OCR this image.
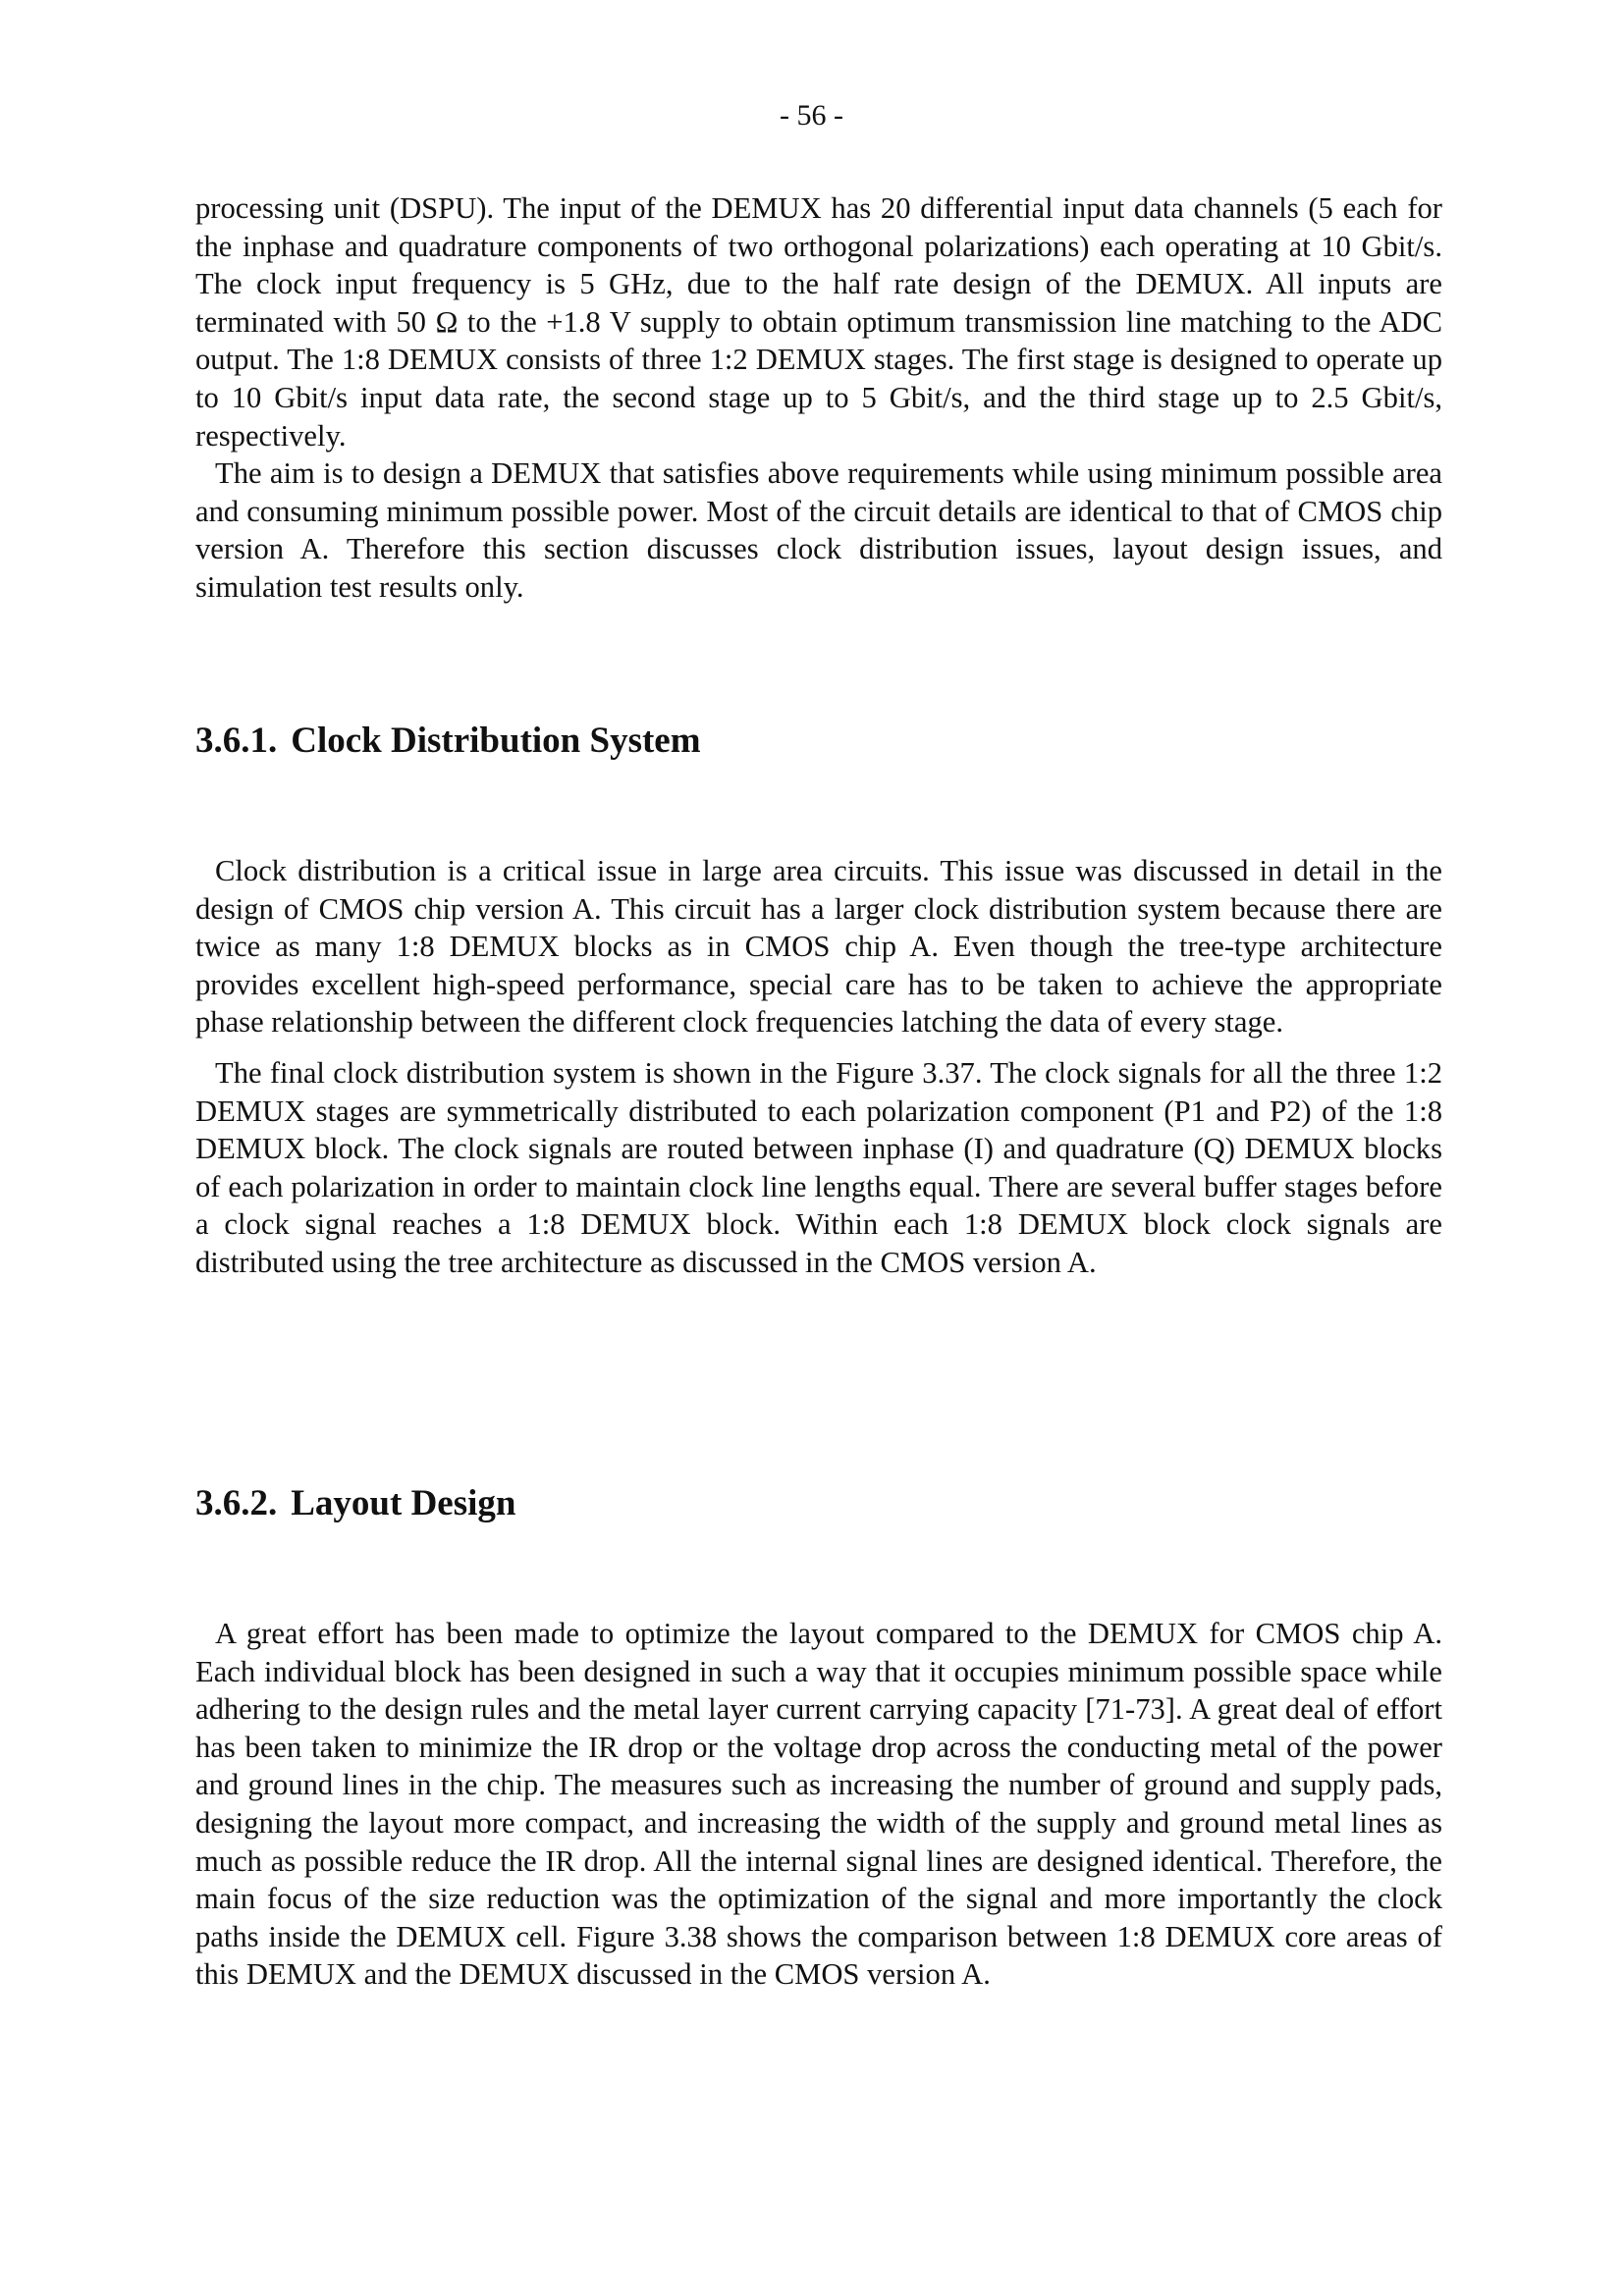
- 56 -

processing unit (DSPU). The input of the DEMUX has 20 differential input data channels (5 each for the inphase and quadrature components of two orthogonal polarizations) each operating at 10 Gbit/s. The clock input frequency is 5 GHz, due to the half rate design of the DEMUX. All inputs are terminated with 50 Ω to the +1.8 V supply to obtain optimum transmission line matching to the ADC output. The 1:8 DEMUX consists of three 1:2 DEMUX stages. The first stage is designed to operate up to 10 Gbit/s input data rate, the second stage up to 5 Gbit/s, and the third stage up to 2.5 Gbit/s, respectively.

The aim is to design a DEMUX that satisfies above requirements while using minimum possible area and consuming minimum possible power. Most of the circuit details are identical to that of CMOS chip version A. Therefore this section discusses clock distribution issues, layout design issues, and simulation test results only.

3.6.1. Clock Distribution System

Clock distribution is a critical issue in large area circuits. This issue was discussed in detail in the design of CMOS chip version A. This circuit has a larger clock distribution system because there are twice as many 1:8 DEMUX blocks as in CMOS chip A. Even though the tree-type architecture provides excellent high-speed performance, special care has to be taken to achieve the appropriate phase relationship between the different clock frequencies latching the data of every stage.

The final clock distribution system is shown in the Figure 3.37. The clock signals for all the three 1:2 DEMUX stages are symmetrically distributed to each polarization component (P1 and P2) of the 1:8 DEMUX block. The clock signals are routed between inphase (I) and quadrature (Q) DEMUX blocks of each polarization in order to maintain clock line lengths equal. There are several buffer stages before a clock signal reaches a 1:8 DEMUX block. Within each 1:8 DEMUX block clock signals are distributed using the tree architecture as discussed in the CMOS version A.

3.6.2. Layout Design

A great effort has been made to optimize the layout compared to the DEMUX for CMOS chip A. Each individual block has been designed in such a way that it occupies minimum possible space while adhering to the design rules and the metal layer current carrying capacity [71-73]. A great deal of effort has been taken to minimize the IR drop or the voltage drop across the conducting metal of the power and ground lines in the chip. The measures such as increasing the number of ground and supply pads, designing the layout more compact, and increasing the width of the supply and ground metal lines as much as possible reduce the IR drop. All the internal signal lines are designed identical. Therefore, the main focus of the size reduction was the optimization of the signal and more importantly the clock paths inside the DEMUX cell. Figure 3.38 shows the comparison between 1:8 DEMUX core areas of this DEMUX and the DEMUX discussed in the CMOS version A.
